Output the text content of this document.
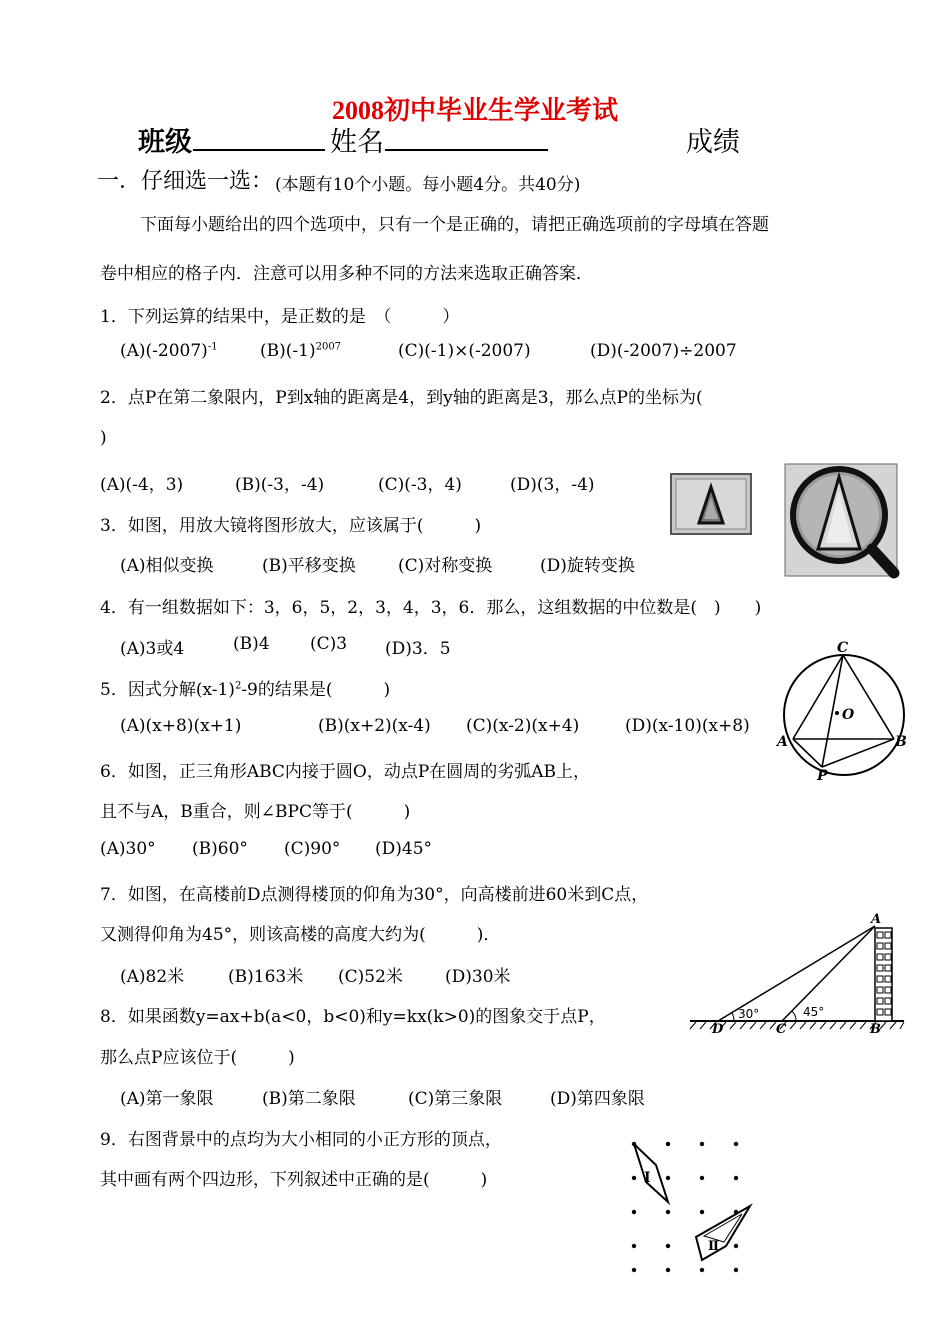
2008初中毕业生学业考试
班级	姓名	成绩
一．仔细选一选： (本题有10个小题。每小题4分。共40分)
下面每小题给出的四个选项中，只有一个是正确的，请把正确选项前的字母填在答题
卷中相应的格子内．注意可以用多种不同的方法来选取正确答案．
1．下列运算的结果中，是正数的是　（　　　）
$(A)(-2007)^{-1}$ $(B)(-1)^{2007}$	(C)(-1)×(-2007)	(D)(-2007)÷2007
2．点P在第二象限内，P到x轴的距离是4，到y轴的距离是3，那么点P的坐标为(
)
(A)(-4，3)	(B)(-3，-4)	(C)(-3，4)	(D)(3，-4)
3．如图，用放大镜将图形放大，应该属于(　　　)
(A)相似变换	(B)平移变换 (C)对称变换	(D)旋转变换
4．有一组数据如下：3，6，5，2，3，4，3，6．那么，这组数据的中位数是(　)　　)
(A)3或4	(B)4 (C)3 (D)3．5
5．因式分解$(x-1)^2-9$的结果是(　　　)
(A)(x+8)(x+1)	(B)(x+2)(x-4) (C)(x-2)(x+4)	(D)(x-10)(x+8)
6．如图，正三角形ABC内接于圆O，动点P在圆周的劣弧AB上，
且不与A，B重合，则∠BPC等于(　　　)
(A)30° (B)60° (C)90° (D)45°
C
O
A	B
P
7．如图，在高楼前D点测得楼顶的仰角为30°，向高楼前进60米到C点，
又测得仰角为45°，则该高楼的高度大约为(　　　)．
(A)82米	(B)163米 (C)52米 (D)30米
A
D	C	B
30°	45°
8．如果函数y=ax+b(a<0，b<0)和y=kx(k>0)的图象交于点P，
那么点P应该位于(　　　)
(A)第一象限	(B)第二象限	(C)第三象限	(D)第四象限
9．右图背景中的点均为大小相同的小正方形的顶点，
其中画有两个四边形，下列叙述中正确的是(　　　)	I
Ⅱ
